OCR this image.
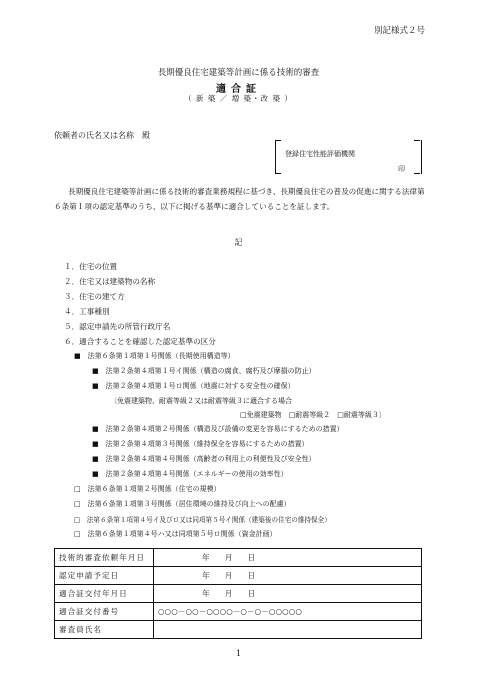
別記様式２号
長期優良住宅建築等計画に係る技術的審査
適合証
（ 新 築 ／ 増 築・改 築 ）
依頼者の氏名又は名称　殿
登録住宅性能評価機関
印
長期優良住宅建築等計画に係る技術的審査業務規程に基づき、長期優良住宅の普及の促進に関する法律第６条第１項の認定基準のうち、以下に掲げる基準に適合していることを証します。
記
１．住宅の位置
２．住宅又は建築物の名称
３．住宅の建て方
４．工事種別
５．認定申請先の所管行政庁名
６．適合することを確認した認定基準の区分
■　 法第６条第１項第１号関係（長期使用構造等）
■　 法第２条第４項第１号イ関係（構造の腐食、腐朽及び摩損の防止）
■　 法第２条第４項第１号ロ関係（地震に対する安全性の確保）
〔免震建築物、耐震等級２又は耐震等級３に適合する場合
□免震建築物　□耐震等級２　□耐震等級３〕
■　 法第２条第４項第２号関係（構造及び設備の変更を容易にするための措置）
■　 法第２条第４項第３号関係（維持保全を容易にするための措置）
■　 法第２条第４項第４号関係（高齢者の利用上の利便性及び安全性）
■　 法第２条第４項第４号関係（エネルギーの使用の効率性）
□　 法第６条第１項第２号関係（住宅の規模）
□　 法第６条第１項第３号関係（居住環境の維持及び向上への配慮）
□　 法第６条第１項第４号イ及びロ又は同項第５号イ関係（建築後の住宅の維持保全）
□　 法第６条第１項第４号ハ又は同項第５号ロ関係（資金計画）
技術的審査依頼年月日	年　　月　　日
認定申請予定日	年　　月　　日
適合証交付年月日	年　　月　　日
適合証交付番号	○○○－○○－○○○○－○－○－○○○○○
審査員氏名	
1
